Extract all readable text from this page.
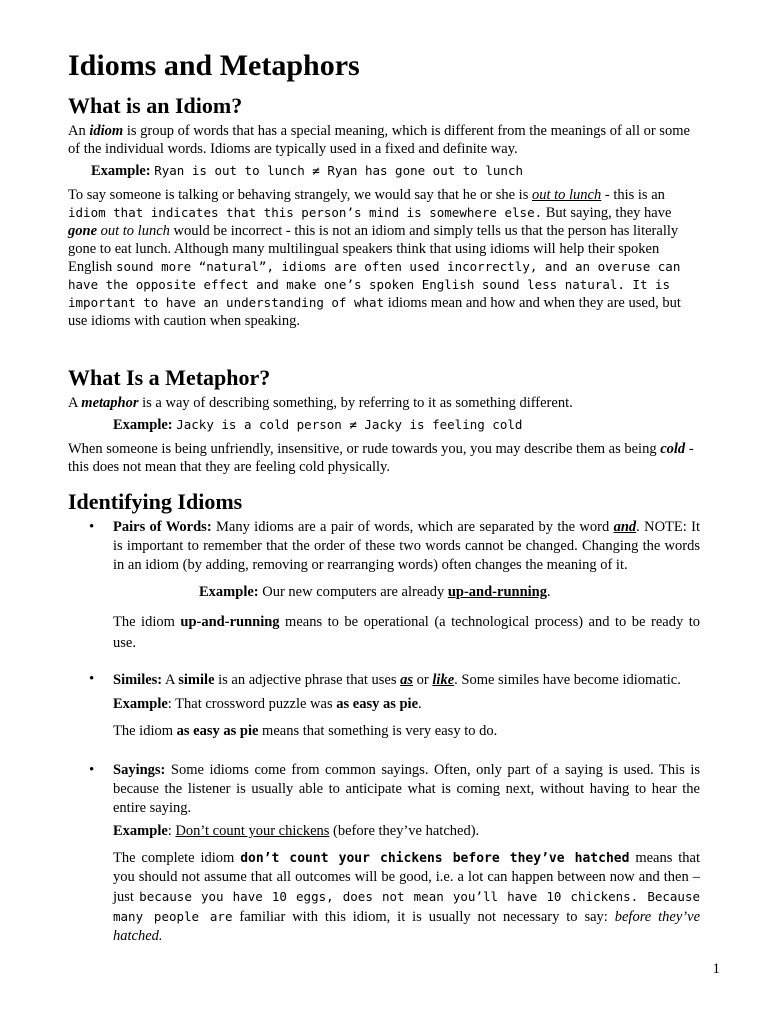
Idioms and Metaphors
What is an Idiom?

An idiom is group of words that has a special meaning, which is different from the meanings of all or some of the individual words. Idioms are typically used in a fixed and definite way.

Example: Ryan is out to lunch ≠ Ryan has gone out to lunch

To say someone is talking or behaving strangely, we would say that he or she is out to lunch - this is an idiom that indicates that this person’s mind is somewhere else. But saying, they have gone out to lunch would be incorrect - this is not an idiom and simply tells us that the person has literally gone to eat lunch. Although many multilingual speakers think that using idioms will help their spoken English sound more “natural”, idioms are often used incorrectly, and an overuse can have the opposite effect and make one’s spoken English sound less natural. It is important to have an understanding of what idioms mean and how and when they are used, but use idioms with caution when speaking.

What Is a Metaphor?

A metaphor is a way of describing something, by referring to it as something different.

Example: Jacky is a cold person ≠ Jacky is feeling cold

When someone is being unfriendly, insensitive, or rude towards you, you may describe them as being cold - this does not mean that they are feeling cold physically.

Identifying Idioms

• Pairs of Words: Many idioms are a pair of words, which are separated by the word and. NOTE: It is important to remember that the order of these two words cannot be changed. Changing the words in an idiom (by adding, removing or rearranging words) often changes the meaning of it.

Example: Our new computers are already up-and-running.

The idiom up-and-running means to be operational (a technological process) and to be ready to use.

• Similes: A simile is an adjective phrase that uses as or like. Some similes have become idiomatic.

Example: That crossword puzzle was as easy as pie.

The idiom as easy as pie means that something is very easy to do.

• Sayings: Some idioms come from common sayings. Often, only part of a saying is used. This is because the listener is usually able to anticipate what is coming next, without having to hear the entire saying.

Example: Don’t count your chickens (before they’ve hatched).

The complete idiom don’t count your chickens before they’ve hatched means that you should not assume that all outcomes will be good, i.e. a lot can happen between now and then – just because you have 10 eggs, does not mean you’ll have 10 chickens. Because many people are familiar with this idiom, it is usually not necessary to say: before they’ve hatched.

1
